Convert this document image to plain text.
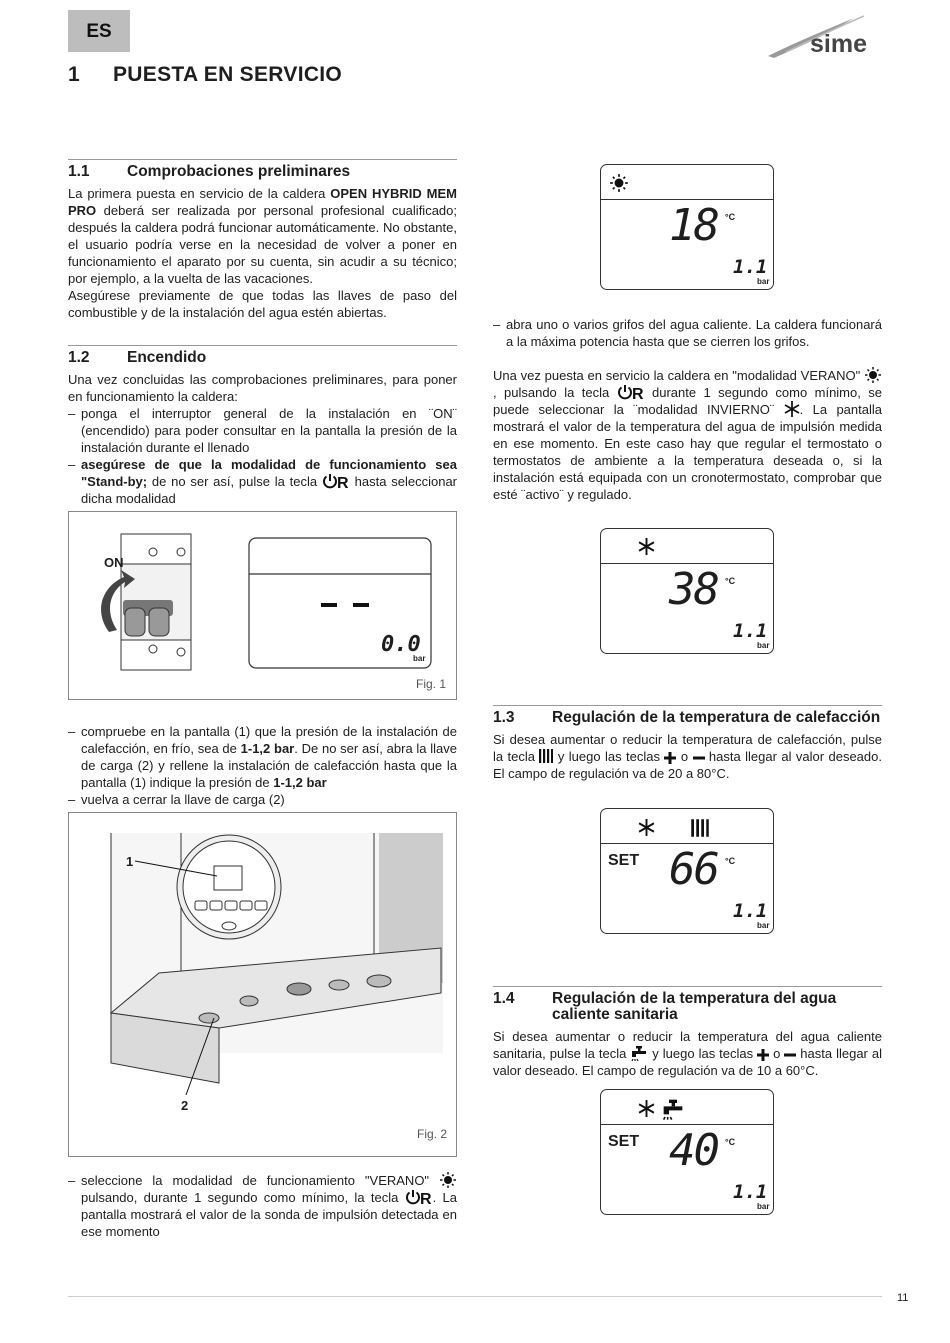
ES	sime
1 PUESTA EN SERVICIO
1.1	Comprobaciones preliminares
La primera puesta en servicio de la caldera OPEN HYBRID MEM PRO deberá ser realizada por personal profesional cualificado; después la caldera podrá funcionar automáticamente. No obstante, el usuario podría verse en la necesidad de volver a poner en funcionamiento el aparato por su cuenta, sin acudir a su técnico; por ejemplo, a la vuelta de las vacaciones.
Asegúrese previamente de que todas las llaves de paso del combustible y de la instalación del agua estén abiertas.
1.2	Encendido
Una vez concluidas las comprobaciones preliminares, para poner en funcionamiento la caldera:
– ponga el interruptor general de la instalación en ¨ON¨ (encendido) para poder consultar en la pantalla la presión de la instalación durante el llenado
– asegúrese de que la modalidad de funcionamiento sea "Stand-by; de no ser así, pulse la tecla R hasta seleccionar dicha modalidad
ON
0.0
bar
Fig. 1
– compruebe en la pantalla (1) que la presión de la instalación de calefacción, en frío, sea de 1-1,2 bar. De no ser así, abra la llave de carga (2) y rellene la instalación de calefacción hasta que la pantalla (1) indique la presión de 1-1,2 bar
– vuelva a cerrar la llave de carga (2)
1
2
Fig. 2
– seleccione la modalidad de funcionamiento "VERANO"  pulsando, durante 1 segundo como mínimo, la tecla R . La pantalla mostrará el valor de la sonda de impulsión detectada en ese momento
18 °C
1.1
bar
– abra uno o varios grifos del agua caliente. La caldera funcionará a la máxima potencia hasta que se cierren los grifos.
Una vez puesta en servicio la caldera en "modalidad VERANO" , pulsando la tecla R durante 1 segundo como mínimo, se puede seleccionar la ¨modalidad INVIERNO¨ . La pantalla mostrará el valor de la temperatura del agua de impulsión medida en ese momento. En este caso hay que regular el termostato o termostatos de ambiente a la temperatura deseada o, si la instalación está equipada con un cronotermostato, comprobar que esté ¨activo¨ y regulado.
38 °C
1.1
bar
1.3	Regulación de la temperatura de calefacción
Si desea aumentar o reducir la temperatura de calefacción, pulse la tecla  y luego las teclas  o  hasta llegar al valor deseado. El campo de regulación va de 20 a 80°C.
SET 66 °C
1.1
bar
1.4	Regulación de la temperatura del agua caliente sanitaria
Si desea aumentar o reducir la temperatura del agua caliente sanitaria, pulse la tecla  y luego las teclas  o  hasta llegar al valor deseado. El campo de regulación va de 10 a 60°C.
SET 40 °C
1.1
bar
11
